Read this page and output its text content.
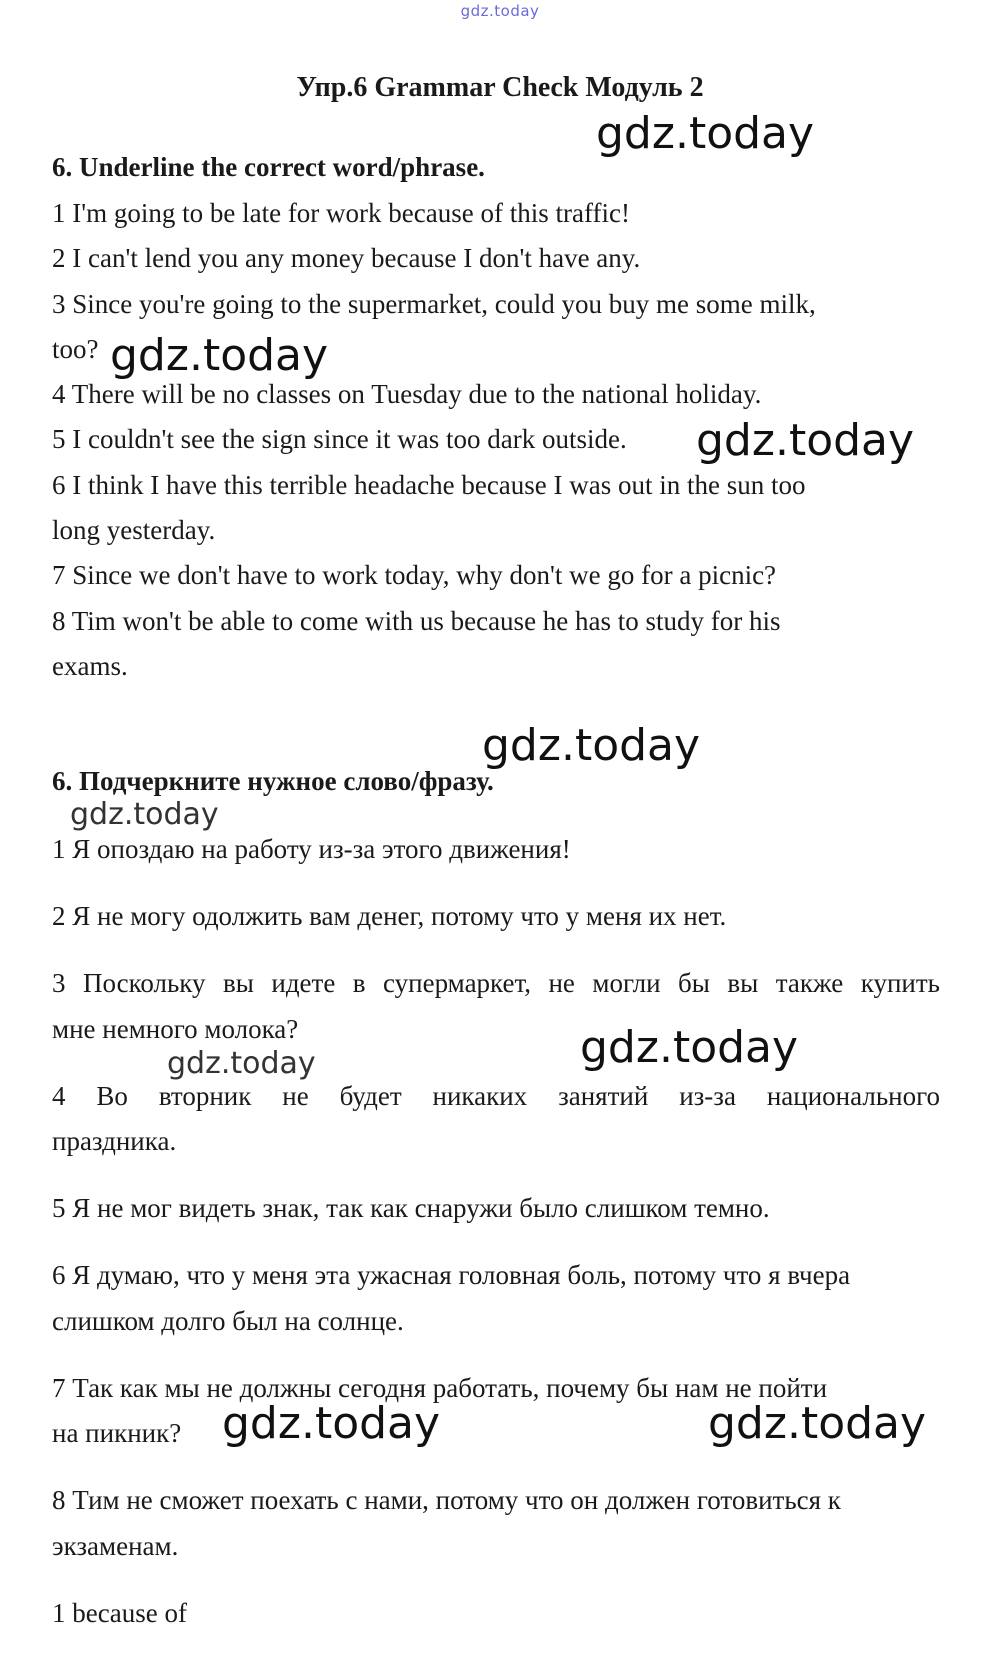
gdz.today
Упр.6 Grammar Check Модуль 2
6. Underline the correct word/phrase.
1 I'm going to be late for work because of this traffic!
2 I can't lend you any money because I don't have any.
3 Since you're going to the supermarket, could you buy me some milk,
too?
4 There will be no classes on Tuesday due to the national holiday.
5 I couldn't see the sign since it was too dark outside.
6 I think I have this terrible headache because I was out in the sun too
long yesterday.
7 Since we don't have to work today, why don't we go for a picnic?
8 Tim won't be able to come with us because he has to study for his
exams.
6. Подчеркните нужное слово/фразу.
1 Я опоздаю на работу из-за этого движения!
2 Я не могу одолжить вам денег, потому что у меня их нет.
3 Поскольку вы идете в супермаркет, не могли бы вы также купить
мне немного молока?
4 Во вторник не будет никаких занятий из-за национального
праздника.
5 Я не мог видеть знак, так как снаружи было слишком темно.
6 Я думаю, что у меня эта ужасная головная боль, потому что я вчера
слишком долго был на солнце.
7 Так как мы не должны сегодня работать, почему бы нам не пойти
на пикник?
8 Тим не сможет поехать с нами, потому что он должен готовиться к
экзаменам.
1 because of
gdz.today
gdz.today
gdz.today
gdz.today
gdz.today
gdz.today
gdz.today
gdz.today	gdz.today
